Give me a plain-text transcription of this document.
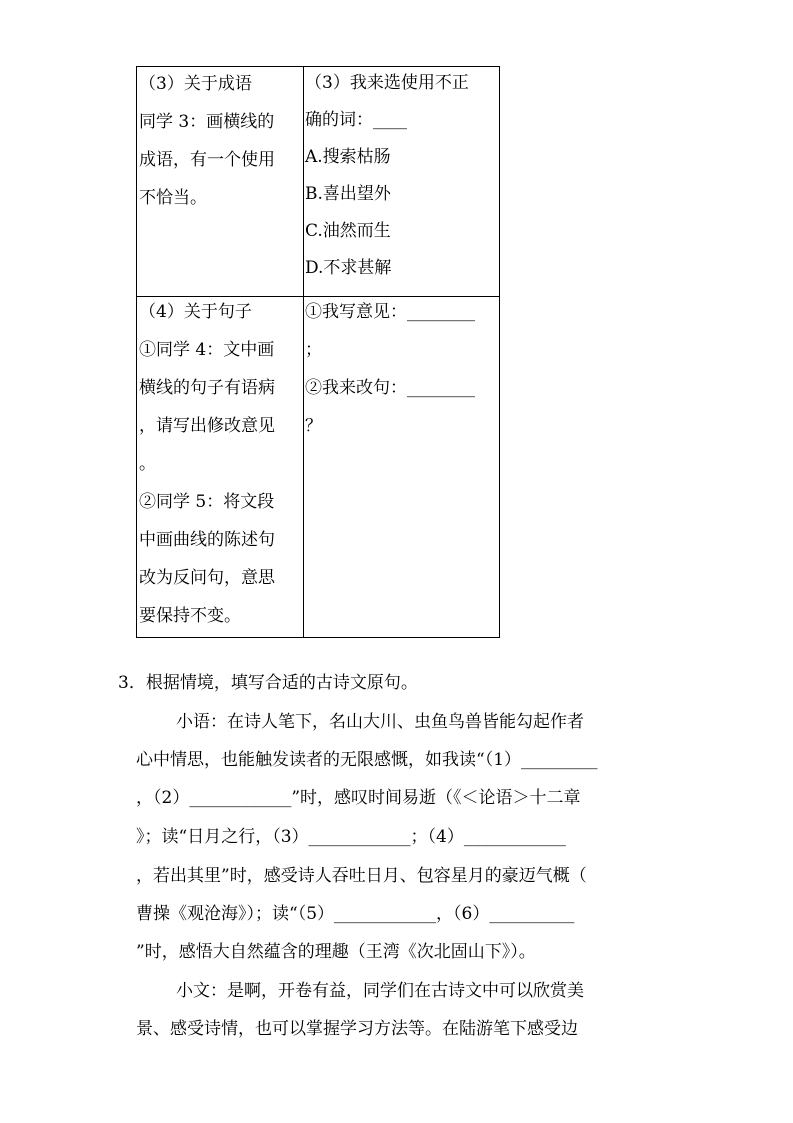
（3）关于成语
同学 3：画横线的
成语，有一个使用
不恰当。
（3）我来选使用不正
确的词：____
A.搜索枯肠
B.喜出望外
C.油然而生
D.不求甚解
（4）关于句子
①同学 4：文中画
横线的句子有语病
，请写出修改意见
。
②同学 5：将文段
中画曲线的陈述句
改为反问句，意思
要保持不变。
①我写意见：________
；
②我来改句：________
？
3．根据情境，填写合适的古诗文原句。
小语：在诗人笔下，名山大川、虫鱼鸟兽皆能勾起作者
心中情思，也能触发读者的无限感慨，如我读“（1）_________
，（2）____________”时，感叹时间易逝（《＜论语＞十二章
》；读“日月之行，（3）____________；（4）____________
，若出其里”时，感受诗人吞吐日月、包容星月的豪迈气概（
曹操《观沧海》）；读“（5）____________，（6）__________
”时，感悟大自然蕴含的理趣（王湾《次北固山下》）。
小文：是啊，开卷有益，同学们在古诗文中可以欣赏美
景、感受诗情，也可以掌握学习方法等。在陆游笔下感受边
